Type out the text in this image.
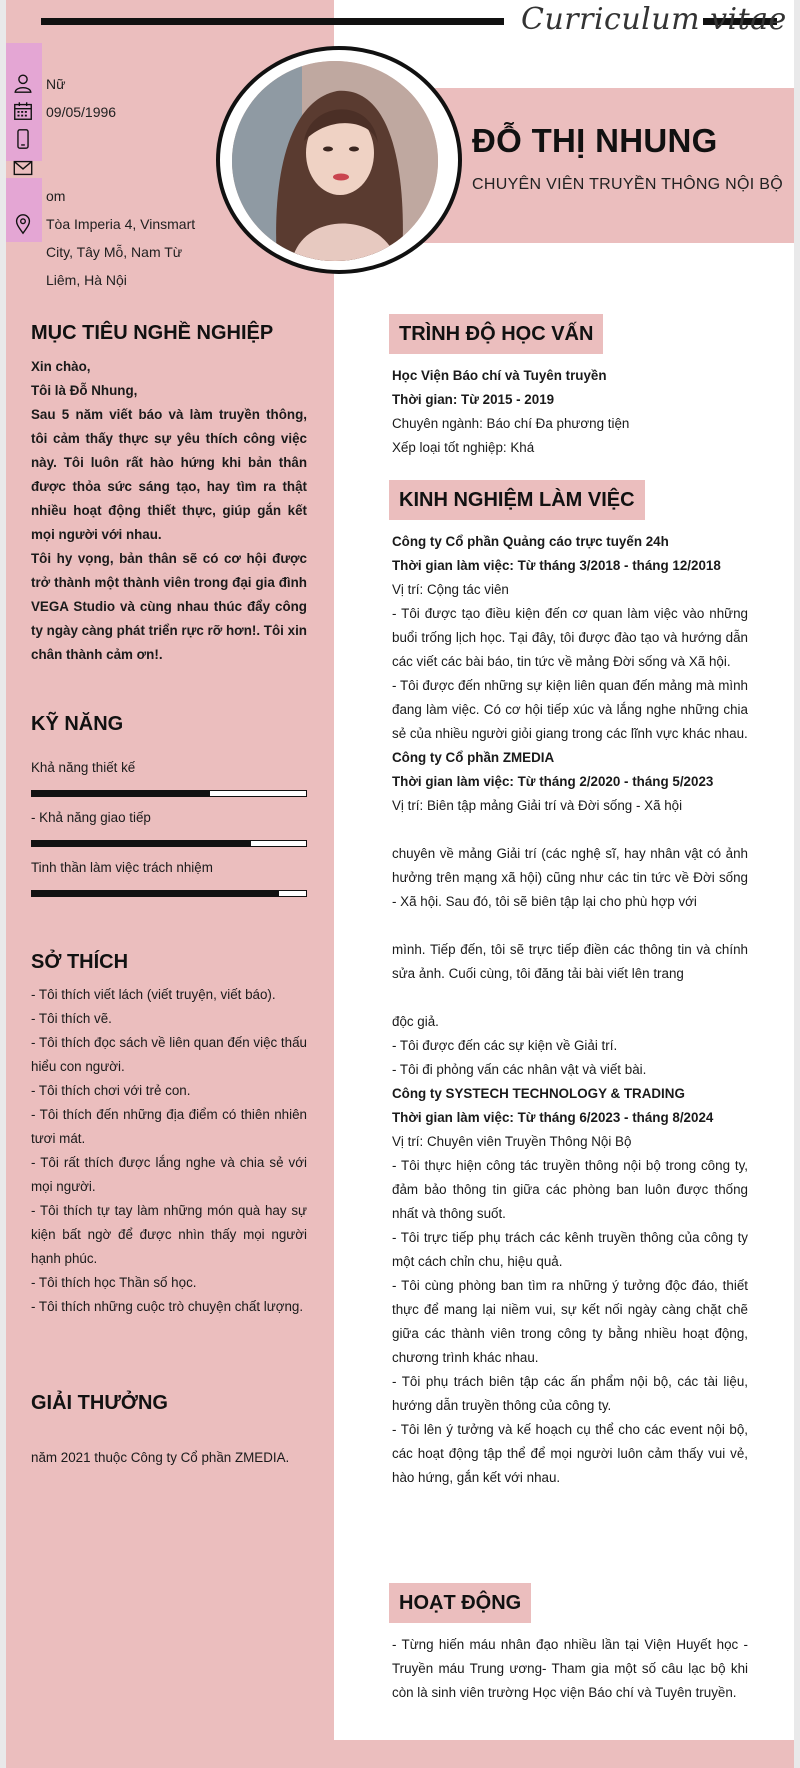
Curriculum vitae
Nữ
09/05/1996
om
Tòa Imperia 4, Vinsmart
City, Tây Mỗ, Nam Từ
Liêm, Hà Nội
ĐỖ THỊ NHUNG
CHUYÊN VIÊN TRUYỀN THÔNG NỘI BỘ
MỤC TIÊU NGHỀ NGHIỆP

Xin chào,

Tôi là Đỗ Nhung,

Sau 5 năm viết báo và làm truyền thông, tôi cảm thấy thực sự yêu thích công việc này. Tôi luôn rất hào hứng khi bản thân được thỏa sức sáng tạo, hay tìm ra thật nhiều hoạt động thiết thực, giúp gắn kết mọi người với nhau.

Tôi hy vọng, bản thân sẽ có cơ hội được trở thành một thành viên trong đại gia đình VEGA Studio và cùng nhau thúc đẩy công ty ngày càng phát triển rực rỡ hơn!. Tôi xin chân thành cảm ơn!.

KỸ NĂNG
Khả năng thiết kế
- Khả năng giao tiếp
Tinh thần làm việc trách nhiệm
SỞ THÍCH

- Tôi thích viết lách (viết truyện, viết báo).

- Tôi thích vẽ.

- Tôi thích đọc sách về liên quan đến việc thấu hiểu con người.

- Tôi thích chơi với trẻ con.

- Tôi thích đến những địa điểm có thiên nhiên tươi mát.

- Tôi rất thích được lắng nghe và chia sẻ với mọi người.

- Tôi thích tự tay làm những món quà hay sự kiện bất ngờ để được nhìn thấy mọi người hạnh phúc.

- Tôi thích học Thần số học.

- Tôi thích những cuộc trò chuyện chất lượng.

GIẢI THƯỞNG
năm 2021 thuộc Công ty Cổ phần ZMEDIA.
TRÌNH ĐỘ HỌC VẤN

Học Viện Báo chí và Tuyên truyền

Thời gian: Từ 2015 - 2019

Chuyên ngành: Báo chí Đa phương tiện

Xếp loại tốt nghiệp: Khá

KINH NGHIỆM LÀM VIỆC

Công ty Cổ phần Quảng cáo trực tuyến 24h

Thời gian làm việc: Từ tháng 3/2018 - tháng 12/2018

Vị trí: Cộng tác viên

- Tôi được tạo điều kiện đến cơ quan làm việc vào những buổi trống lịch học. Tại đây, tôi được đào tạo và hướng dẫn các viết các bài báo, tin tức về mảng Đời sống và Xã hội.

- Tôi được đến những sự kiện liên quan đến mảng mà mình đang làm việc. Có cơ hội tiếp xúc và lắng nghe những chia sẻ của nhiều người giỏi giang trong các lĩnh vực khác nhau.

Công ty Cổ phần ZMEDIA

Thời gian làm việc: Từ tháng 2/2020 - tháng 5/2023

Vị trí: Biên tập mảng Giải trí và Đời sống - Xã hội

chuyên về mảng Giải trí (các nghệ sĩ, hay nhân vật có ảnh hưởng trên mạng xã hội) cũng như các tin tức về Đời sống - Xã hội. Sau đó, tôi sẽ biên tập lại cho phù hợp với

mình. Tiếp đến, tôi sẽ trực tiếp điền các thông tin và chính sửa ảnh. Cuối cùng, tôi đăng tải bài viết lên trang

độc giả.

- Tôi được đến các sự kiện về Giải trí.

- Tôi đi phỏng vấn các nhân vật và viết bài.

Công ty SYSTECH TECHNOLOGY & TRADING

Thời gian làm việc: Từ tháng 6/2023 - tháng 8/2024

Vị trí: Chuyên viên Truyền Thông Nội Bộ

- Tôi thực hiện công tác truyền thông nội bộ trong công ty, đảm bảo thông tin giữa các phòng ban luôn được thống nhất và thông suốt.

- Tôi trực tiếp phụ trách các kênh truyền thông của công ty một cách chỉn chu, hiệu quả.

- Tôi cùng phòng ban tìm ra những ý tưởng độc đáo, thiết thực để mang lại niềm vui, sự kết nối ngày càng chặt chẽ giữa các thành viên trong công ty bằng nhiều hoạt động, chương trình khác nhau.

- Tôi phụ trách biên tập các ấn phẩm nội bộ, các tài liệu, hướng dẫn truyền thông của công ty.

- Tôi lên ý tưởng và kế hoạch cụ thể cho các event nội bộ, các hoạt động tập thể để mọi người luôn cảm thấy vui vẻ, hào hứng, gắn kết với nhau.

HOẠT ĐỘNG
- Từng hiến máu nhân đạo nhiều lần tại Viện Huyết học - Truyền máu Trung ương- Tham gia một số câu lạc bộ khi còn là sinh viên trường Học viện Báo chí và Tuyên truyền.
